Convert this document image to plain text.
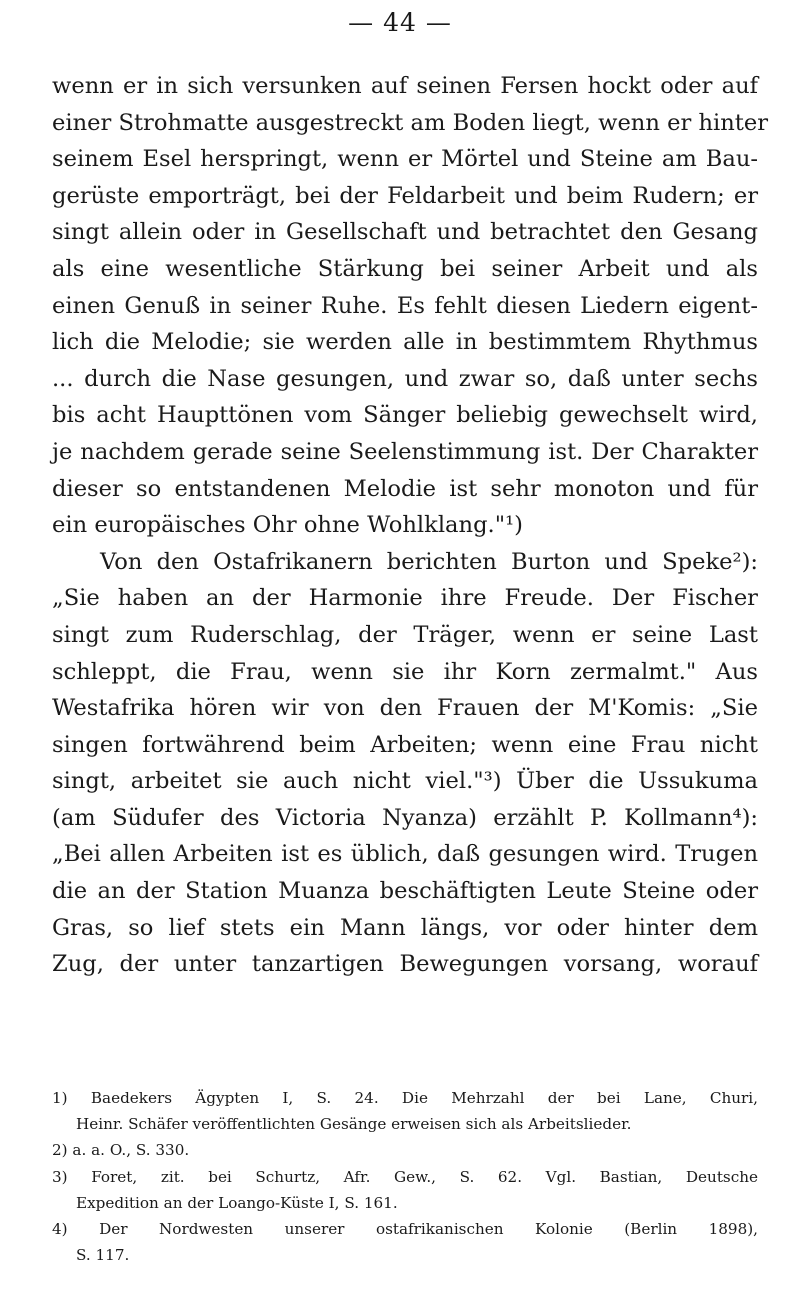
— 44 —
wenn er in sich versunken auf seinen Fersen hockt oder auf
einer Strohmatte ausgestreckt am Boden liegt, wenn er hinter
seinem Esel herspringt, wenn er Mörtel und Steine am Bau-
gerüste emporträgt, bei der Feldarbeit und beim Rudern; er
singt allein oder in Gesellschaft und betrachtet den Gesang
als eine wesentliche Stärkung bei seiner Arbeit und als
einen Genuß in seiner Ruhe. Es fehlt diesen Liedern eigent-
lich die Melodie; sie werden alle in bestimmtem Rhythmus
... durch die Nase gesungen, und zwar so, daß unter sechs
bis acht Haupttönen vom Sänger beliebig gewechselt wird,
je nachdem gerade seine Seelenstimmung ist. Der Charakter
dieser so entstandenen Melodie ist sehr monoton und für
ein europäisches Ohr ohne Wohlklang."¹)
Von den Ostafrikanern berichten Burton und Speke²):
„Sie haben an der Harmonie ihre Freude. Der Fischer
singt zum Ruderschlag, der Träger, wenn er seine Last
schleppt, die Frau, wenn sie ihr Korn zermalmt." Aus
Westafrika hören wir von den Frauen der M'Komis: „Sie
singen fortwährend beim Arbeiten; wenn eine Frau nicht
singt, arbeitet sie auch nicht viel."³) Über die Ussukuma
(am Südufer des Victoria Nyanza) erzählt P. Kollmann⁴):
„Bei allen Arbeiten ist es üblich, daß gesungen wird. Trugen
die an der Station Muanza beschäftigten Leute Steine oder
Gras, so lief stets ein Mann längs, vor oder hinter dem
Zug, der unter tanzartigen Bewegungen vorsang, worauf
1) Baedekers Ägypten I, S. 24. Die Mehrzahl der bei Lane, Churi,
Heinr. Schäfer veröffentlichten Gesänge erweisen sich als Arbeitslieder.
2) a. a. O., S. 330.
3) Foret, zit. bei Schurtz, Afr. Gew., S. 62. Vgl. Bastian, Deutsche
Expedition an der Loango-Küste I, S. 161.
4) Der Nordwesten unserer ostafrikanischen Kolonie (Berlin 1898),
S. 117.
